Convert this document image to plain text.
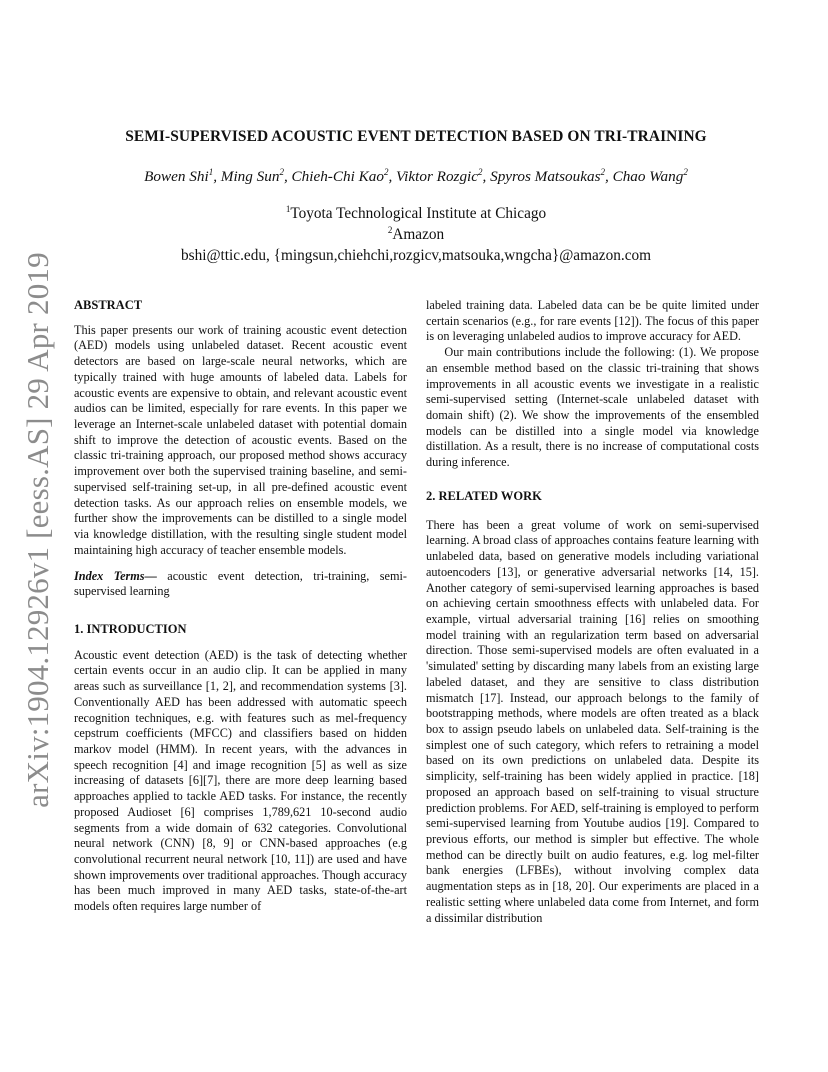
arXiv:1904.12926v1 [eess.AS] 29 Apr 2019
SEMI-SUPERVISED ACOUSTIC EVENT DETECTION BASED ON TRI-TRAINING
Bowen Shi$^1$, Ming Sun$^2$, Chieh-Chi Kao$^2$, Viktor Rozgic$^2$, Spyros Matsoukas$^2$, Chao Wang$^2$
$^1$Toyota Technological Institute at Chicago
$^2$Amazon
bshi@ttic.edu, {mingsun,chiehchi,rozgicv,matsouka,wngcha}@amazon.com

ABSTRACT

This paper presents our work of training acoustic event detection (AED) models using unlabeled dataset. Recent acoustic event detectors are based on large-scale neural networks, which are typically trained with huge amounts of labeled data. Labels for acoustic events are expensive to obtain, and relevant acoustic event audios can be limited, especially for rare events. In this paper we leverage an Internet-scale unlabeled dataset with potential domain shift to improve the detection of acoustic events. Based on the classic tri-training approach, our proposed method shows accuracy improvement over both the supervised training baseline, and semi-supervised self-training set-up, in all pre-defined acoustic event detection tasks. As our approach relies on ensemble models, we further show the improvements can be distilled to a single model via knowledge distillation, with the resulting single student model maintaining high accuracy of teacher ensemble models.

Index Terms— acoustic event detection, tri-training, semi-supervised learning

1. INTRODUCTION

Acoustic event detection (AED) is the task of detecting whether certain events occur in an audio clip. It can be applied in many areas such as surveillance [1, 2], and recommendation systems [3]. Conventionally AED has been addressed with automatic speech recognition techniques, e.g. with features such as mel-frequency cepstrum coefficients (MFCC) and classifiers based on hidden markov model (HMM). In recent years, with the advances in speech recognition [4] and image recognition [5] as well as size increasing of datasets [6][7], there are more deep learning based approaches applied to tackle AED tasks. For instance, the recently proposed Audioset [6] comprises 1,789,621 10-second audio segments from a wide domain of 632 categories. Convolutional neural network (CNN) [8, 9] or CNN-based approaches (e.g convolutional recurrent neural network [10, 11]) are used and have shown improvements over traditional approaches. Though accuracy has been much improved in many AED tasks, state-of-the-art models often requires large number of

labeled training data. Labeled data can be be quite limited under certain scenarios (e.g., for rare events [12]). The focus of this paper is on leveraging unlabeled audios to improve accuracy for AED.

Our main contributions include the following: (1). We propose an ensemble method based on the classic tri-training that shows improvements in all acoustic events we investigate in a realistic semi-supervised setting (Internet-scale unlabeled dataset with domain shift) (2). We show the improvements of the ensembled models can be distilled into a single model via knowledge distillation. As a result, there is no increase of computational costs during inference.

2. RELATED WORK

There has been a great volume of work on semi-supervised learning. A broad class of approaches contains feature learning with unlabeled data, based on generative models including variational autoencoders [13], or generative adversarial networks [14, 15]. Another category of semi-supervised learning approaches is based on achieving certain smoothness effects with unlabeled data. For example, virtual adversarial training [16] relies on smoothing model training with an regularization term based on adversarial direction. Those semi-supervised models are often evaluated in a 'simulated' setting by discarding many labels from an existing large labeled dataset, and they are sensitive to class distribution mismatch [17]. Instead, our approach belongs to the family of bootstrapping methods, where models are often treated as a black box to assign pseudo labels on unlabeled data. Self-training is the simplest one of such category, which refers to retraining a model based on its own predictions on unlabeled data. Despite its simplicity, self-training has been widely applied in practice. [18] proposed an approach based on self-training to visual structure prediction problems. For AED, self-training is employed to perform semi-supervised learning from Youtube audios [19]. Compared to previous efforts, our method is simpler but effective. The whole method can be directly built on audio features, e.g. log mel-filter bank energies (LFBEs), without involving complex data augmentation steps as in [18, 20]. Our experiments are placed in a realistic setting where unlabeled data come from Internet, and form a dissimilar distribution
